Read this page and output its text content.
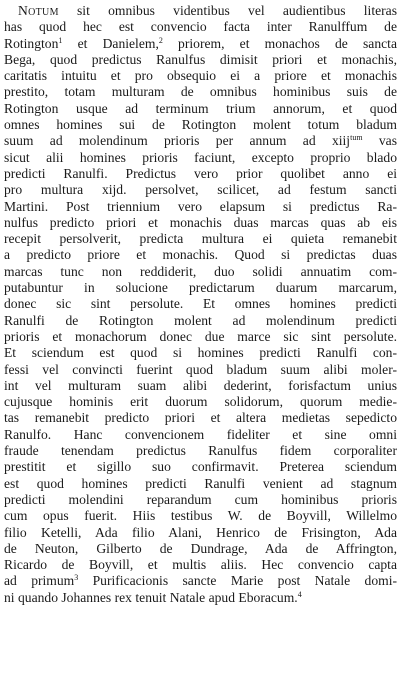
Notum sit omnibus videntibus vel audientibus literas
has quod hec est convencio facta inter Ranulffum de
Rotington$^1$ et Danielem,$^2$ priorem, et monachos de sancta
Bega, quod predictus Ranulfus dimisit priori et monachis,
caritatis intuitu et pro obsequio ei a priore et monachis
prestito, totam multuram de omnibus hominibus suis de
Rotington usque ad terminum trium annorum, et quod
omnes homines sui de Rotington molent totum bladum
suum ad molendinum prioris per annum ad xiij$^{tum}$ vas
sicut alii homines prioris faciunt, excepto proprio blado
predicti Ranulfi. Predictus vero prior quolibet anno ei
pro multura xijd. persolvet, scilicet, ad festum sancti
Martini. Post triennium vero elapsum si predictus Ra-
nulfus predicto priori et monachis duas marcas quas ab eis
recepit persolverit, predicta multura ei quieta remanebit
a predicto priore et monachis. Quod si predictas duas
marcas tunc non reddiderit, duo solidi annuatim com-
putabuntur in solucione predictarum duarum marcarum,
donec sic sint persolute. Et omnes homines predicti
Ranulfi de Rotington molent ad molendinum predicti
prioris et monachorum donec due marce sic sint persolute.
Et sciendum est quod si homines predicti Ranulfi con-
fessi vel convincti fuerint quod bladum suum alibi moler-
int vel multuram suam alibi dederint, forisfactum unius
cujusque hominis erit duorum solidorum, quorum medie-
tas remanebit predicto priori et altera medietas sepedicto
Ranulfo. Hanc convencionem fideliter et sine omni
fraude tenendam predictus Ranulfus fidem corporaliter
prestitit et sigillo suo confirmavit. Preterea sciendum
est quod homines predicti Ranulfi venient ad stagnum
predicti molendini reparandum cum hominibus prioris
cum opus fuerit. Hiis testibus W. de Boyvill, Willelmo
filio Ketelli, Ada filio Alani, Henrico de Frisington, Ada
de Neuton, Gilberto de Dundrage, Ada de Affrington,
Ricardo de Boyvill, et multis aliis. Hec convencio capta
ad primum$^3$ Purificacionis sancte Marie post Natale domi-
ni quando Johannes rex tenuit Natale apud Eboracum.$^4$
